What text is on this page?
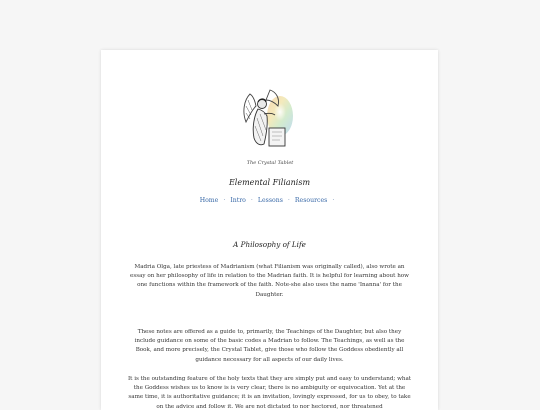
The Crystal Tablet
Elemental Filianism
Home · Intro · Lessons · Resources ·
A Philosophy of Life

Madria Olga, late priestess of Madrianism (what Filianism was originally called), also wrote an essay on her philosophy of life in relation to the Madrian faith. It is helpful for learning about how one functions within the framework of the faith. Note-she also uses the name 'Inanna' for the Daughter.

These notes are offered as a guide to, primarily, the Teachings of the Daughter, but also they include guidance on some of the basic codes a Madrian to follow. The Teachings, as well as the Book, and more precisely, the Crystal Tablet, give those who follow the Goddess obediently all guidance necessary for all aspects of our daily lives.

It is the outstanding feature of the holy texts that they are simply put and easy to understand; what the Goddess wishes us to know is is very clear, there is no ambiguity or equivocation. Yet at the same time, it is authoritative guidance; it is an invitation, lovingly expressed, for us to obey, to take on the advice and follow it. We are not dictated to nor hectored, nor threatened
